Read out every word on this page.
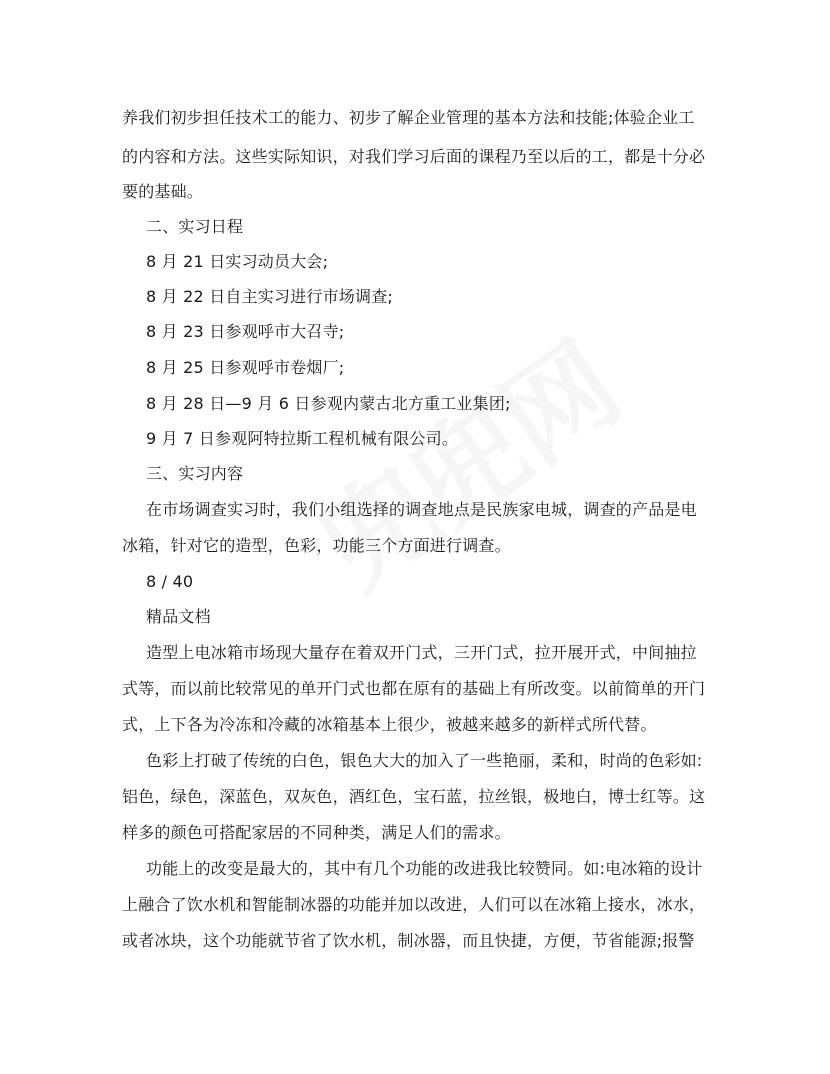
养我们初步担任技术工的能力、初步了解企业管理的基本方法和技能;体验企业工
的内容和方法。这些实际知识，对我们学习后面的课程乃至以后的工，都是十分必
要的基础。
二、实习日程
8 月 21 日实习动员大会;
8 月 22 日自主实习进行市场调查;
8 月 23 日参观呼市大召寺;
8 月 25 日参观呼市卷烟厂;
8 月 28 日—9 月 6 日参观内蒙古北方重工业集团;
9 月 7 日参观阿特拉斯工程机械有限公司。
三、实习内容
在市场调查实习时，我们小组选择的调查地点是民族家电城，调查的产品是电
冰箱，针对它的造型，色彩，功能三个方面进行调查。
8 / 40
精品文档
造型上电冰箱市场现大量存在着双开门式，三开门式，拉开展开式，中间抽拉
式等，而以前比较常见的单开门式也都在原有的基础上有所改变。以前简单的开门
式，上下各为冷冻和冷藏的冰箱基本上很少，被越来越多的新样式所代替。
色彩上打破了传统的白色，银色大大的加入了一些艳丽，柔和，时尚的色彩如:
铝色，绿色，深蓝色，双灰色，酒红色，宝石蓝，拉丝银，极地白，博士红等。这
样多的颜色可搭配家居的不同种类，满足人们的需求。
功能上的改变是最大的，其中有几个功能的改进我比较赞同。如:电冰箱的设计
上融合了饮水机和智能制冰器的功能并加以改进，人们可以在冰箱上接水，冰水，
或者冰块，这个功能就节省了饮水机，制冰器，而且快捷，方便，节省能源;报警
